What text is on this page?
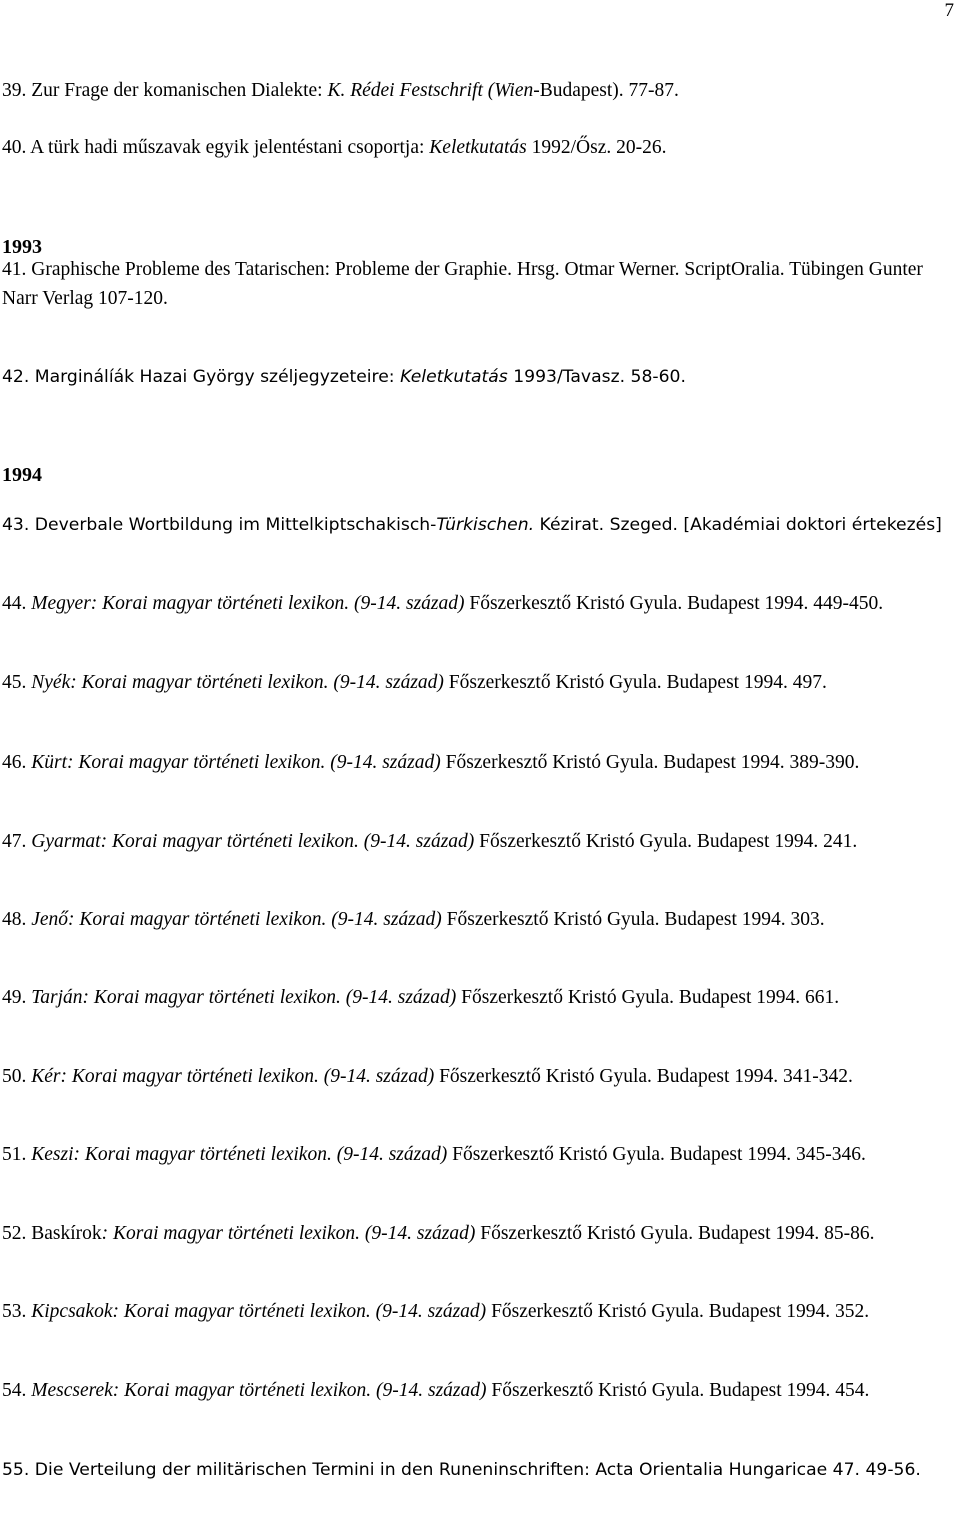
7
39. Zur Frage der komanischen Dialekte: K. Rédei Festschrift (Wien-Budapest). 77-87.
40. A türk hadi műszavak egyik jelentéstani csoportja: Keletkutatás 1992/Ősz. 20-26.
1993
41. Graphische Probleme des Tatarischen: Probleme der Graphie. Hrsg. Otmar Werner. ScriptOralia. Tübingen Gunter Narr Verlag 107-120.
42. Marginálíák Hazai György széljegyzeteire: Keletkutatás 1993/Tavasz. 58-60.
1994
43. Deverbale Wortbildung im Mittelkiptschakisch-Türkischen. Kézirat. Szeged. [Akadémiai doktori értekezés]
44. Megyer: Korai magyar történeti lexikon. (9-14. század) Főszerkesztő Kristó Gyula. Budapest 1994. 449-450.
45. Nyék: Korai magyar történeti lexikon. (9-14. század) Főszerkesztő Kristó Gyula. Budapest 1994. 497.
46. Kürt: Korai magyar történeti lexikon. (9-14. század) Főszerkesztő Kristó Gyula. Budapest 1994. 389-390.
47. Gyarmat: Korai magyar történeti lexikon. (9-14. század) Főszerkesztő Kristó Gyula. Budapest 1994. 241.
48. Jenő: Korai magyar történeti lexikon. (9-14. század) Főszerkesztő Kristó Gyula. Budapest 1994. 303.
49. Tarján: Korai magyar történeti lexikon. (9-14. század) Főszerkesztő Kristó Gyula. Budapest 1994. 661.
50. Kér: Korai magyar történeti lexikon. (9-14. század) Főszerkesztő Kristó Gyula. Budapest 1994. 341-342.
51. Keszi: Korai magyar történeti lexikon. (9-14. század) Főszerkesztő Kristó Gyula. Budapest 1994. 345-346.
52. Baskírok: Korai magyar történeti lexikon. (9-14. század) Főszerkesztő Kristó Gyula. Budapest 1994. 85-86.
53. Kipcsakok: Korai magyar történeti lexikon. (9-14. század) Főszerkesztő Kristó Gyula. Budapest 1994. 352.
54. Mescserek: Korai magyar történeti lexikon. (9-14. század) Főszerkesztő Kristó Gyula. Budapest 1994. 454.
55. Die Verteilung der militärischen Termini in den Runeninschriften: Acta Orientalia Hungaricae 47. 49-56.
